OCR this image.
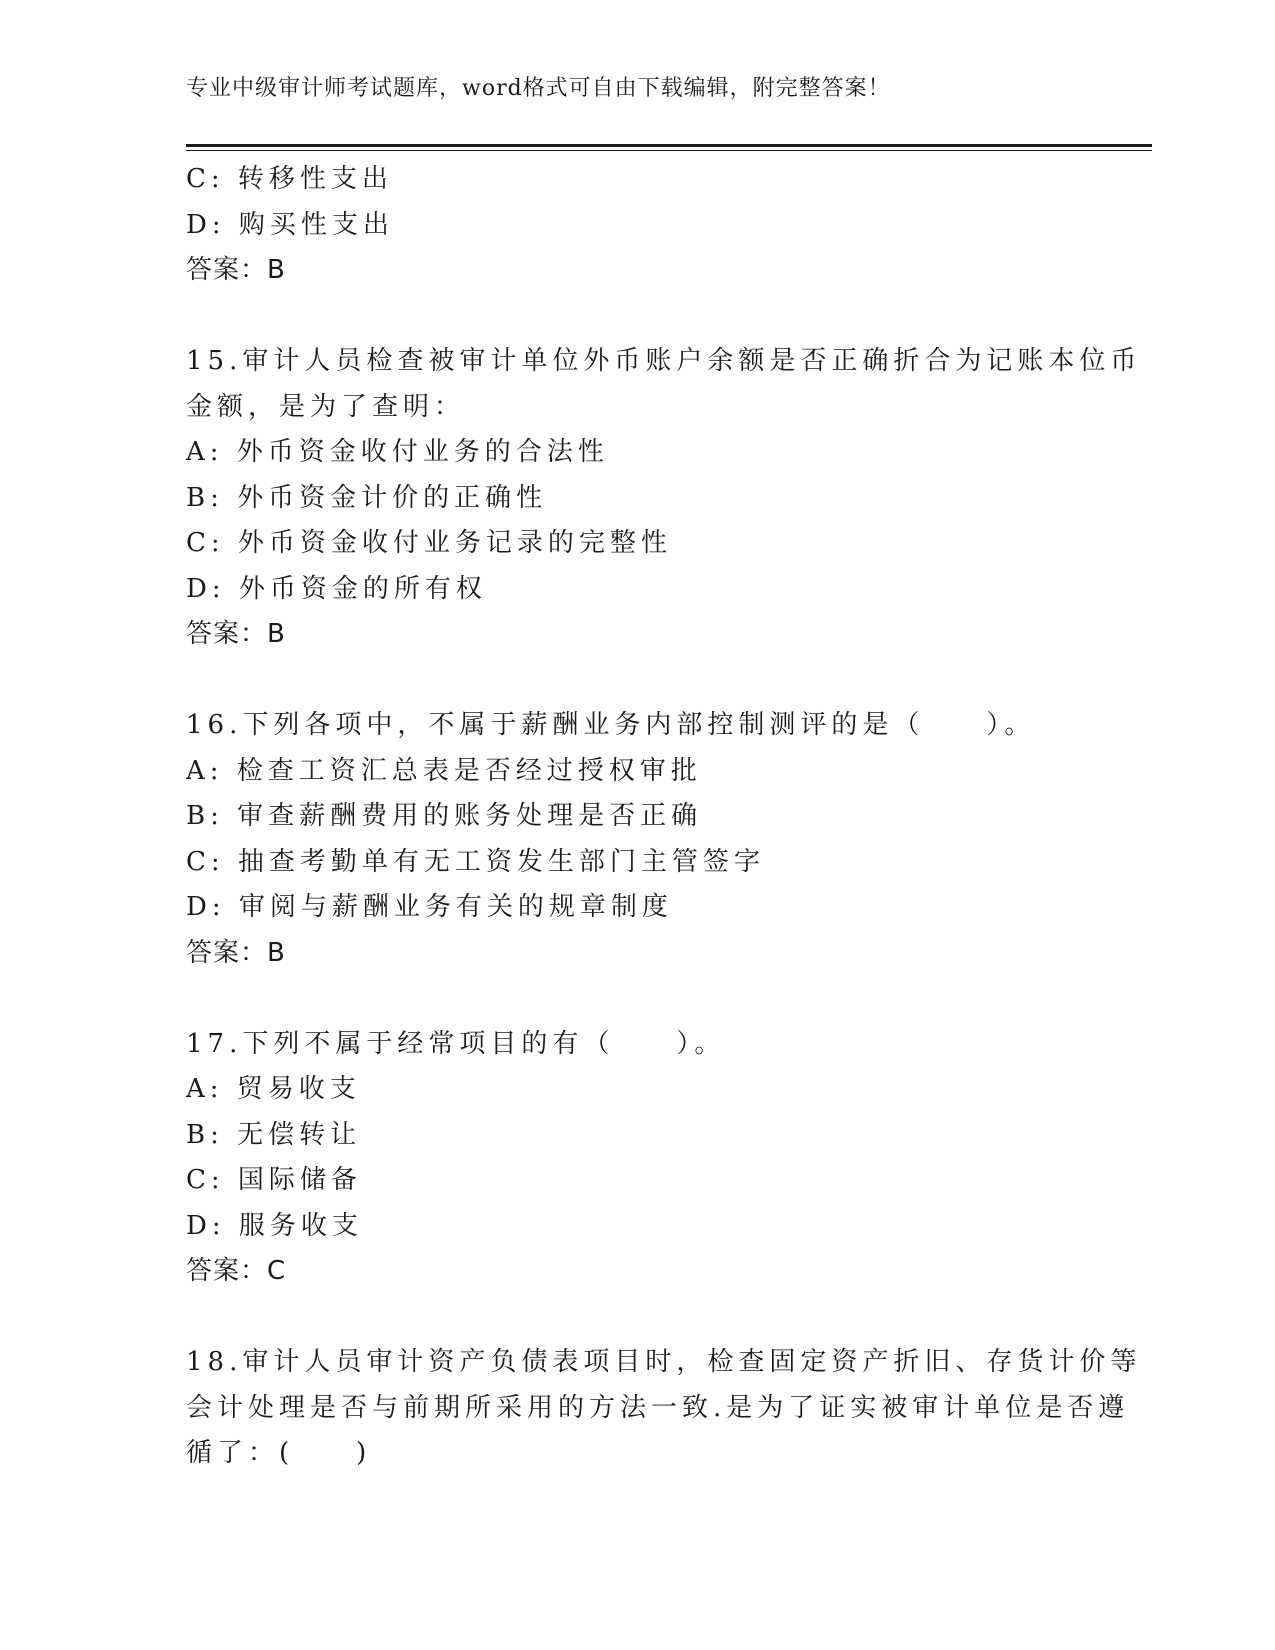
专业中级审计师考试题库，word格式可自由下载编辑，附完整答案！
C: 转移性支出
D: 购买性支出
答案：B
15.审计人员检查被审计单位外币账户余额是否正确折合为记账本位币
金额，是为了查明：
A: 外币资金收付业务的合法性
B: 外币资金计价的正确性
C: 外币资金收付业务记录的完整性
D: 外币资金的所有权
答案：B
16.下列各项中，不属于薪酬业务内部控制测评的是（　　）。
A: 检查工资汇总表是否经过授权审批
B: 审查薪酬费用的账务处理是否正确
C: 抽查考勤单有无工资发生部门主管签字
D: 审阅与薪酬业务有关的规章制度
答案：B
17.下列不属于经常项目的有（　　）。
A: 贸易收支
B: 无偿转让
C: 国际储备
D: 服务收支
答案：C
18.审计人员审计资产负债表项目时，检查固定资产折旧、存货计价等
会计处理是否与前期所采用的方法一致.是为了证实被审计单位是否遵
循了：(　　)
